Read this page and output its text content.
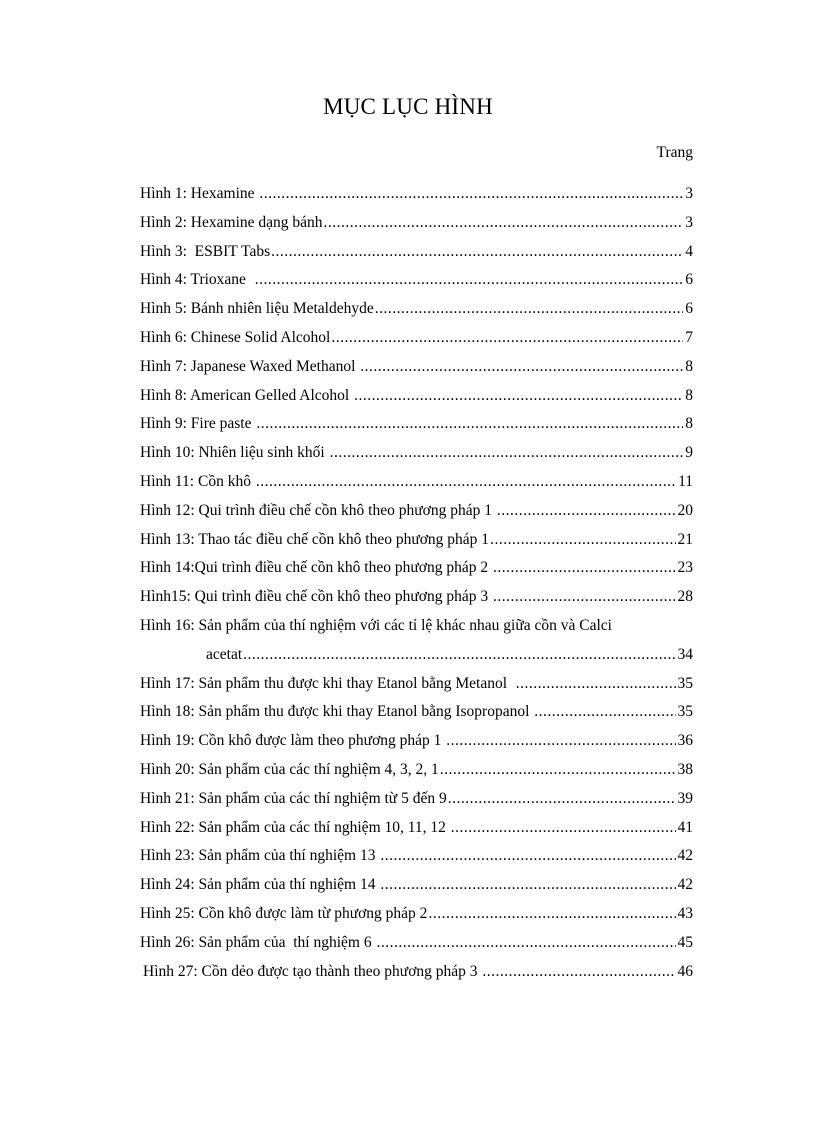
MỤC LỤC HÌNH
Trang
Hình 1: Hexamine .....	3
Hình 2: Hexamine dạng bánh .....	3
Hình 3:  ESBIT Tabs .....	4
Hình 4: Trioxane .....	6
Hình 5: Bánh nhiên liệu Metaldehyde .....	6
Hình 6: Chinese Solid Alcohol .....	7
Hình 7: Japanese Waxed Methanol .....	8
Hình 8: American Gelled Alcohol .....	8
Hình 9: Fire paste .....	8
Hình 10: Nhiên liệu sinh khối .....	9
Hình 11: Cồn khô .....	11
Hình 12: Qui trình điều chế cồn khô theo phương pháp 1 .....	20
Hình 13: Thao tác điều chế cồn khô theo phương pháp 1 .....	21
Hình 14:Qui trình điều chế cồn khô theo phương pháp 2 .....	23
Hình15: Qui trình điều chế cồn khô theo phương pháp 3 .....	28
Hình 16: Sản phẩm của thí nghiệm với các tỉ lệ khác nhau giữa cồn và Calci
acetat .....	34
Hình 17: Sản phẩm thu được khi thay Etanol bằng Metanol .....	35
Hình 18: Sản phẩm thu được khi thay Etanol bằng Isopropanol .....	35
Hình 19: Cồn khô được làm theo phương pháp 1 .....	36
Hình 20: Sản phẩm của các thí nghiệm 4, 3, 2, 1 .....	38
Hình 21: Sản phẩm của các thí nghiệm từ 5 đến 9 .....	39
Hình 22: Sản phẩm của các thí nghiệm 10, 11, 12 .....	41
Hình 23: Sản phẩm của thí nghiệm 13 .....	42
Hình 24: Sản phẩm của thí nghiệm 14 .....	42
Hình 25: Cồn khô được làm từ phương pháp 2 .....	43
Hình 26: Sản phẩm của  thí nghiệm 6 .....	45
Hình 27: Cồn dẻo được tạo thành theo phương pháp 3 .....	46
